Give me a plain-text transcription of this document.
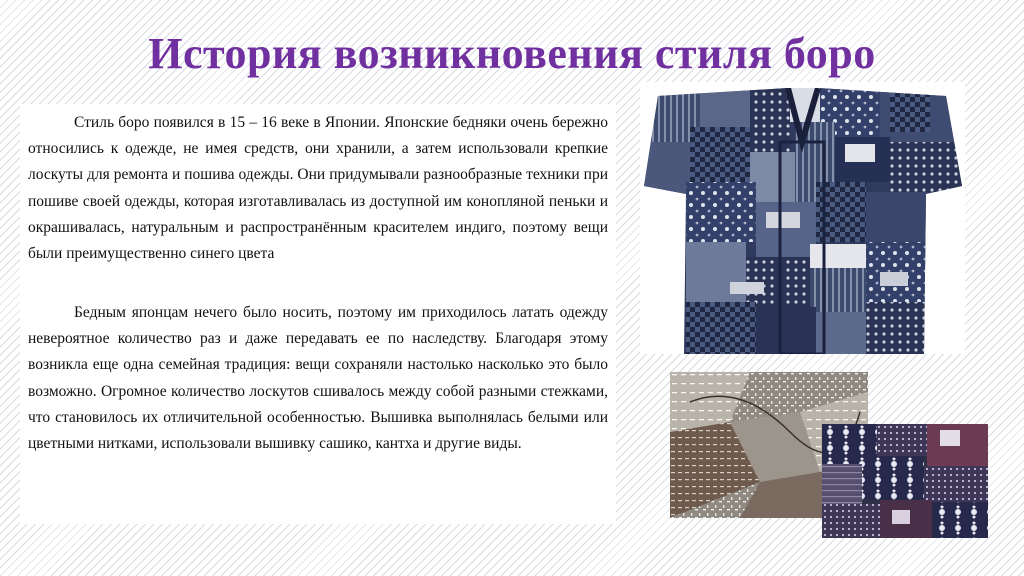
История возникновения стиля боро

Стиль боро появился в 15 – 16 веке в Японии. Японские бедняки очень бережно относились к одежде, не имея средств, они хранили, а затем использовали крепкие лоскуты для ремонта и пошива одежды. Они придумывали разнообразные техники при пошиве своей одежды, которая изготавливалась из доступной им конопляной пеньки и окрашивалась, натуральным и распространённым красителем индиго, поэтому вещи были преимущественно синего цвета

Бедным японцам нечего было носить, поэтому им приходилось латать одежду невероятное количество раз и даже передавать ее по наследству. Благодаря этому возникла еще одна семейная традиция: вещи сохраняли настолько насколько это было возможно. Огромное количество лоскутов сшивалось между собой разными стежками, что становилось их отличительной особенностью. Вышивка выполнялась белыми или цветными нитками, использовали вышивку сашико, кантха и другие виды.
